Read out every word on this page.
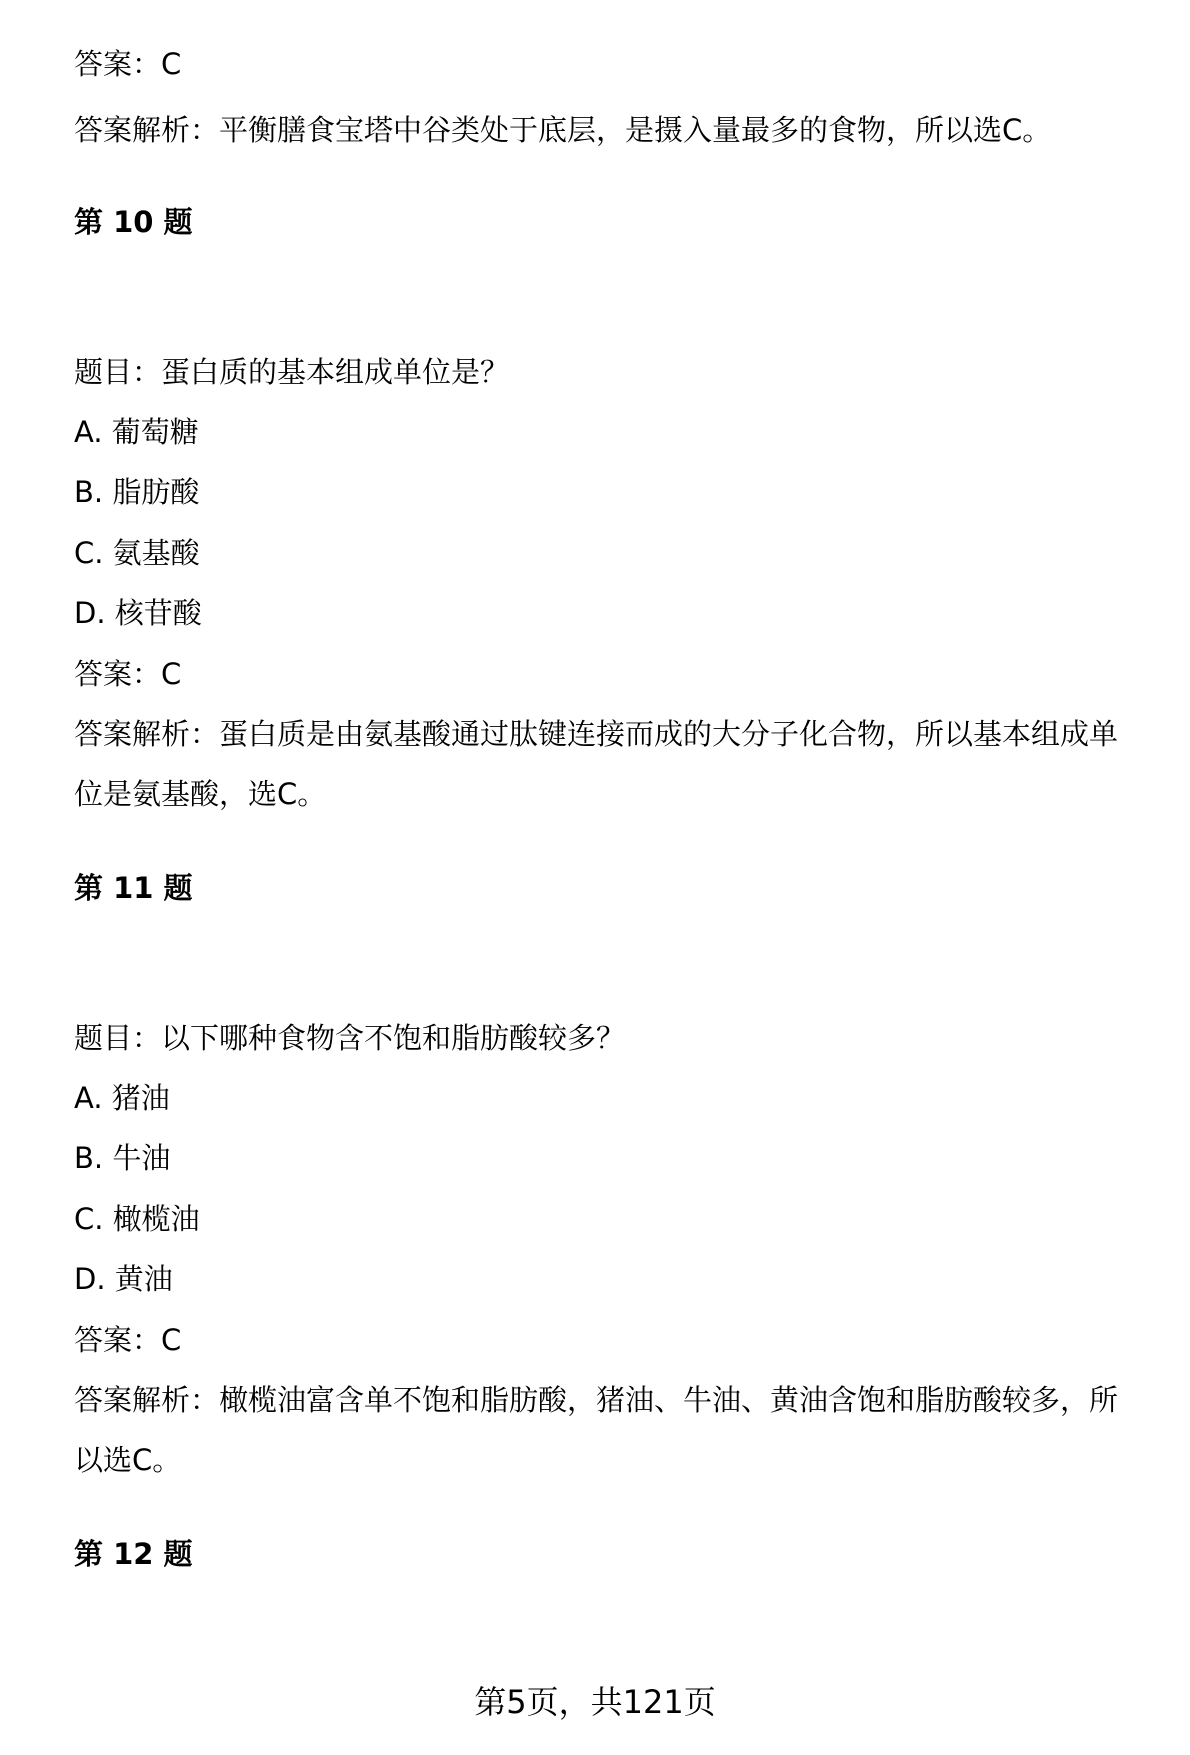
答案：C
答案解析：平衡膳食宝塔中谷类处于底层，是摄入量最多的食物，所以选C。
第 10 题
题目：蛋白质的基本组成单位是？
A. 葡萄糖
B. 脂肪酸
C. 氨基酸
D. 核苷酸
答案：C
答案解析：蛋白质是由氨基酸通过肽键连接而成的大分子化合物，所以基本组成单
位是氨基酸，选C。
第 11 题
题目：以下哪种食物含不饱和脂肪酸较多？
A. 猪油
B. 牛油
C. 橄榄油
D. 黄油
答案：C
答案解析：橄榄油富含单不饱和脂肪酸，猪油、牛油、黄油含饱和脂肪酸较多，所
以选C。
第 12 题
第5页，共121页
